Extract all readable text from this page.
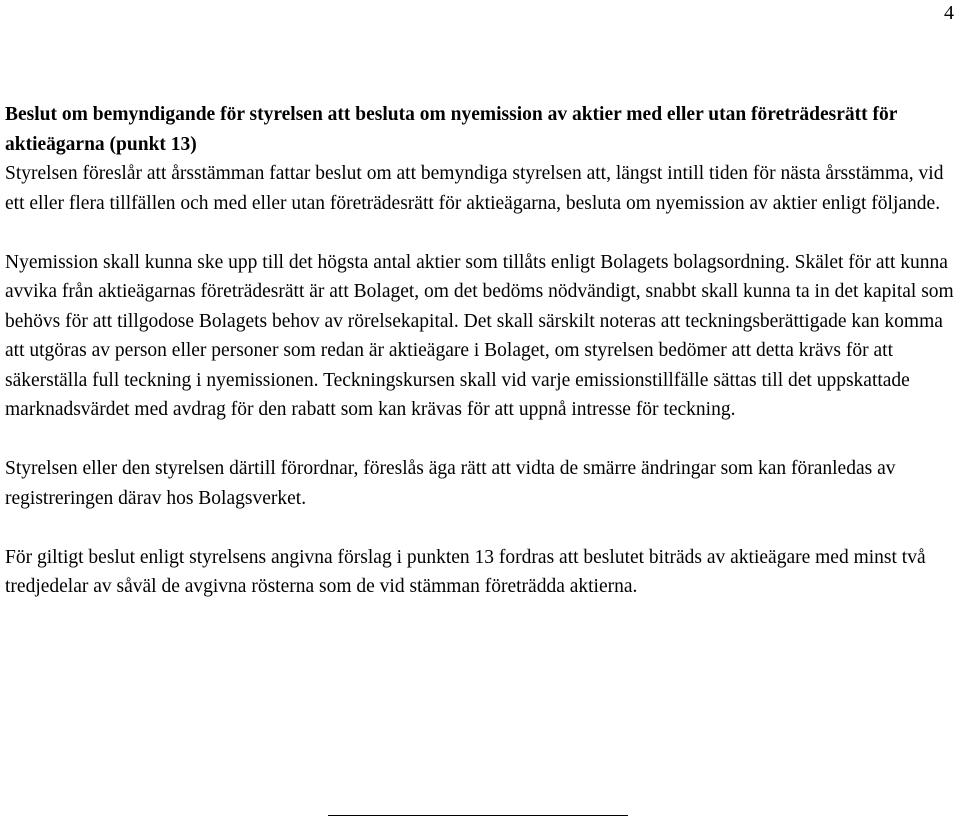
4

Beslut om bemyndigande för styrelsen att besluta om nyemission av aktier med eller utan företrädesrätt för aktieägarna (punkt 13)

Styrelsen föreslår att årsstämman fattar beslut om att bemyndiga styrelsen att, längst intill tiden för nästa årsstämma, vid ett eller flera tillfällen och med eller utan företrädesrätt för aktieägarna, besluta om nyemission av aktier enligt följande.

Nyemission skall kunna ske upp till det högsta antal aktier som tillåts enligt Bolagets bolagsordning. Skälet för att kunna avvika från aktieägarnas företrädesrätt är att Bolaget, om det bedöms nödvändigt, snabbt skall kunna ta in det kapital som behövs för att tillgodose Bolagets behov av rörelsekapital. Det skall särskilt noteras att teckningsberättigade kan komma att utgöras av person eller personer som redan är aktieägare i Bolaget, om styrelsen bedömer att detta krävs för att säkerställa full teckning i nyemissionen. Teckningskursen skall vid varje emissionstillfälle sättas till det uppskattade marknadsvärdet med avdrag för den rabatt som kan krävas för att uppnå intresse för teckning.

Styrelsen eller den styrelsen därtill förordnar, föreslås äga rätt att vidta de smärre ändringar som kan föranledas av registreringen därav hos Bolagsverket.

För giltigt beslut enligt styrelsens angivna förslag i punkten 13 fordras att beslutet biträds av aktieägare med minst två tredjedelar av såväl de avgivna rösterna som de vid stämman företrädda aktierna.
